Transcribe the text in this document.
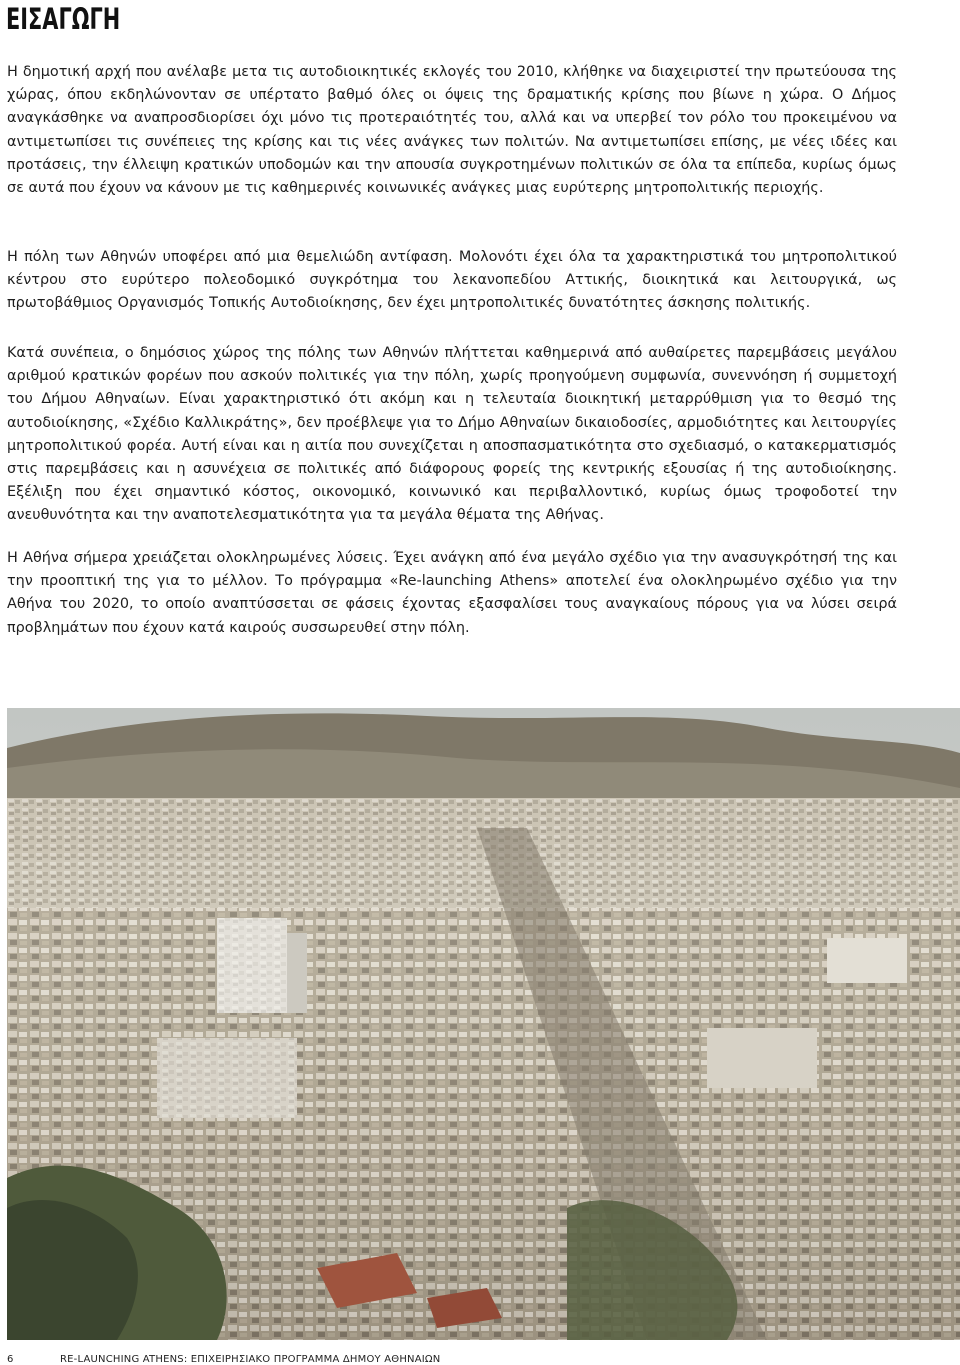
ΕΙΣΑΓΩΓΗ

Η δημοτική αρχή που ανέλαβε μετα τις αυτοδιοικητικές εκλογές του 2010, κλήθηκε να διαχειριστεί την πρωτεύουσα της χώρας, όπου εκδηλώνονταν σε υπέρτατο βαθμό όλες οι όψεις της δραματικής κρίσης που βίωνε η χώρα. Ο Δήμος αναγκάσθηκε να αναπροσδιορίσει όχι μόνο τις προτεραιότητές του, αλλά και να υπερβεί τον ρόλο του προκειμένου να αντιμετωπίσει τις συνέπειες της κρίσης και τις νέες ανάγκες των πολιτών. Να αντιμετωπίσει επίσης, με νέες ιδέες και προτάσεις, την έλλειψη κρατικών υποδομών και την απουσία συγκροτημένων πολιτικών σε όλα τα επίπεδα, κυρίως όμως σε αυτά που έχουν να κάνουν με τις καθημερινές κοινωνικές ανάγκες μιας ευρύτερης μητροπολιτικής περιοχής.

Η πόλη των Αθηνών υποφέρει από μια θεμελιώδη αντίφαση. Μολονότι έχει όλα τα χαρακτηριστικά του μητροπολιτικού κέντρου στο ευρύτερο πολεοδομικό συγκρότημα του λεκανοπεδίου Αττικής, διοικητικά και λειτουργικά, ως πρωτοβάθμιος Οργανισμός Τοπικής Αυτοδιοίκησης, δεν έχει μητροπολιτικές δυνατότητες άσκησης πολιτικής.

Κατά συνέπεια, ο δημόσιος χώρος της πόλης των Αθηνών πλήττεται καθημερινά από αυθαίρετες παρεμβάσεις μεγάλου αριθμού κρατικών φορέων που ασκούν πολιτικές για την πόλη, χωρίς προηγούμενη συμφωνία, συνεννόηση ή συμμετοχή του Δήμου Αθηναίων. Είναι χαρακτηριστικό ότι ακόμη και η τελευταία διοικητική μεταρρύθμιση για το θεσμό της αυτοδιοίκησης, «Σχέδιο Καλλικράτης», δεν προέβλεψε για το Δήμο Αθηναίων δικαιοδοσίες, αρμοδιότητες και λειτουργίες μητροπολιτικού φορέα. Αυτή είναι και η αιτία που συνεχίζεται η αποσπασματικότητα στο σχεδιασμό, ο κατακερματισμός στις παρεμβάσεις και η ασυνέχεια σε πολιτικές από διάφορους φορείς της κεντρικής εξουσίας ή της αυτοδιοίκησης. Εξέλιξη που έχει σημαντικό κόστος, οικονομικό, κοινωνικό και περιβαλλοντικό, κυρίως όμως τροφοδοτεί την ανευθυνότητα και την αναποτελεσματικότητα για τα μεγάλα θέματα της Αθήνας.

Η Αθήνα σήμερα χρειάζεται ολοκληρωμένες λύσεις. Έχει ανάγκη από ένα μεγάλο σχέδιο για την ανασυγκρότησή της και την προοπτική της για το μέλλον. Το πρόγραμμα «Re-launching Athens» αποτελεί ένα ολοκληρωμένο σχέδιο για την Αθήνα του 2020, το οποίο αναπτύσσεται σε φάσεις έχοντας εξασφαλίσει τους αναγκαίους πόρους για να λύσει σειρά προβλημάτων που έχουν κατά καιρούς συσσωρευθεί στην πόλη.

6	RE-LAUNCHING ATHENS: ΕΠΙΧΕΙΡΗΣΙΑΚΟ ΠΡΟΓΡΑΜΜΑ ΔΗΜΟΥ ΑΘΗΝΑΙΩΝ
